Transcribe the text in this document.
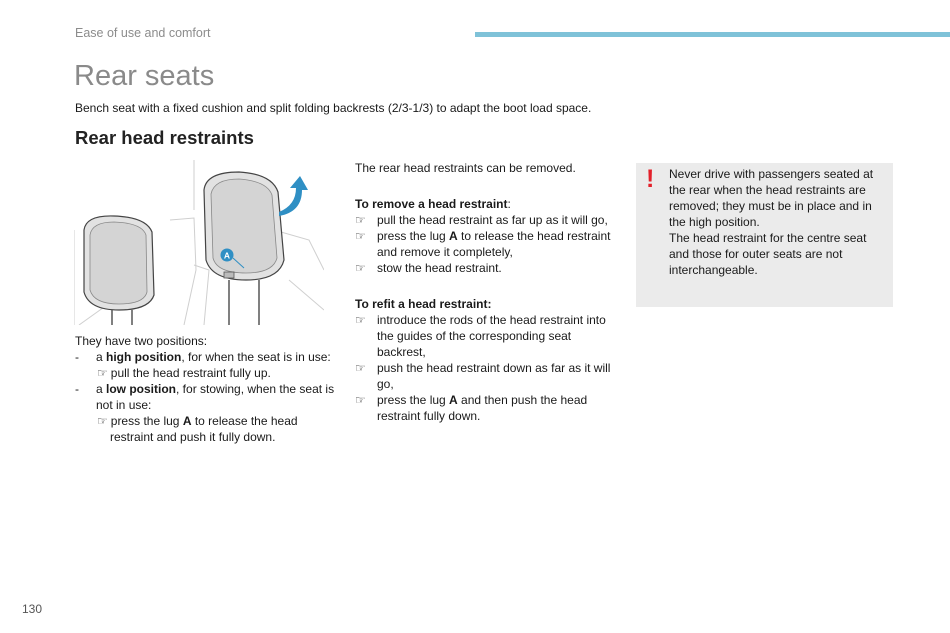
Ease of use and comfort
Rear seats
Bench seat with a fixed cushion and split folding backrests (2/3-1/3) to adapt the boot load space.
Rear head restraints
A
They have two positions:
- a high position, for when the seat is in use:
☞ pull the head restraint fully up.
- a low position, for stowing, when the seat is not in use:
☞ press the lug A to release the head restraint and push it fully down.

The rear head restraints can be removed.

To remove a head restraint:

☞ pull the head restraint as far up as it will go,
☞ press the lug A to release the head restraint and remove it completely,
☞ stow the head restraint.

To refit a head restraint:

☞ introduce the rods of the head restraint into the guides of the corresponding seat backrest,
☞ push the head restraint down as far as it will go,
☞ press the lug A and then push the head restraint fully down.
! Never drive with passengers seated at the rear when the head restraints are removed; they must be in place and in the high position.
The head restraint for the centre seat and those for outer seats are not interchangeable.
130
